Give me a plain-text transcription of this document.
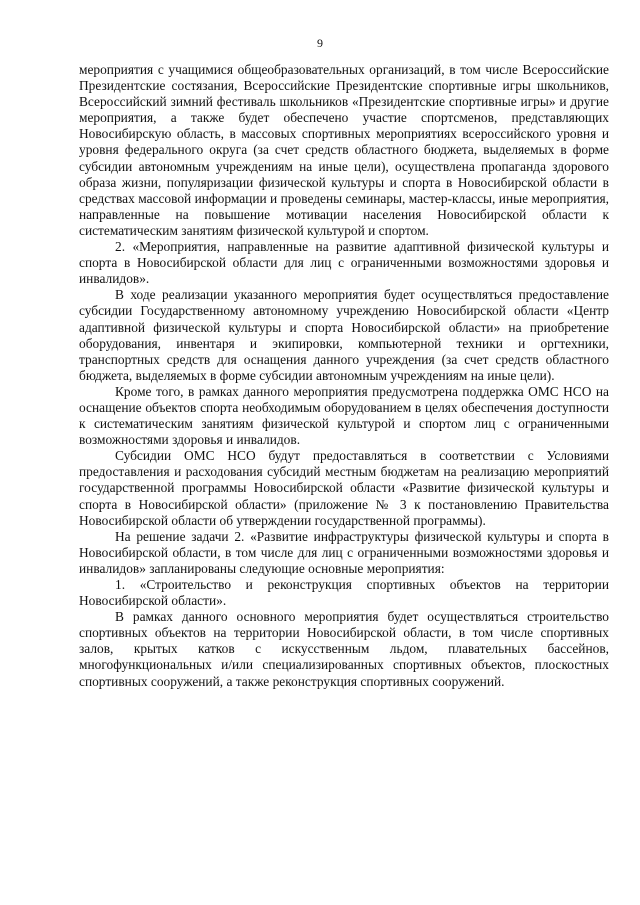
9

мероприятия с учащимися общеобразовательных организаций, в том числе Всероссийские Президентские состязания, Всероссийские Президентские спортивные игры школьников, Всероссийский зимний фестиваль школьников «Президентские спортивные игры» и другие мероприятия, а также будет обеспечено участие спортсменов, представляющих Новосибирскую область, в массовых спортивных мероприятиях всероссийского уровня и уровня федерального округа (за счет средств областного бюджета, выделяемых в форме субсидии автономным учреждениям на иные цели), осуществлена пропаганда здорового образа жизни, популяризации физической культуры и спорта в Новосибирской области в средствах массовой информации и проведены семинары, мастер-классы, иные мероприятия, направленные на повышение мотивации населения Новосибирской области к систематическим занятиям физической культурой и спортом.

2. «Мероприятия, направленные на развитие адаптивной физической культуры и спорта в Новосибирской области для лиц с ограниченными возможностями здоровья и инвалидов».

В ходе реализации указанного мероприятия будет осуществляться предоставление субсидии Государственному автономному учреждению Новосибирской области «Центр адаптивной физической культуры и спорта Новосибирской области» на приобретение оборудования, инвентаря и экипировки, компьютерной техники и оргтехники, транспортных средств для оснащения данного учреждения (за счет средств областного бюджета, выделяемых в форме субсидии автономным учреждениям на иные цели).

Кроме того, в рамках данного мероприятия предусмотрена поддержка ОМС НСО на оснащение объектов спорта необходимым оборудованием в целях обеспечения доступности к систематическим занятиям физической культурой и спортом лиц с ограниченными возможностями здоровья и инвалидов.

Субсидии ОМС НСО будут предоставляться в соответствии с Условиями предоставления и расходования субсидий местным бюджетам на реализацию мероприятий государственной программы Новосибирской области «Развитие физической культуры и спорта в Новосибирской области» (приложение № 3 к постановлению Правительства Новосибирской области об утверждении государственной программы).

На решение задачи 2. «Развитие инфраструктуры физической культуры и спорта в Новосибирской области, в том числе для лиц с ограниченными возможностями здоровья и инвалидов» запланированы следующие основные мероприятия:

1. «Строительство и реконструкция спортивных объектов на территории Новосибирской области».

В рамках данного основного мероприятия будет осуществляться строительство спортивных объектов на территории Новосибирской области, в том числе спортивных залов, крытых катков с искусственным льдом, плавательных бассейнов, многофункциональных и/или специализированных спортивных объектов, плоскостных спортивных сооружений, а также реконструкция спортивных сооружений.
